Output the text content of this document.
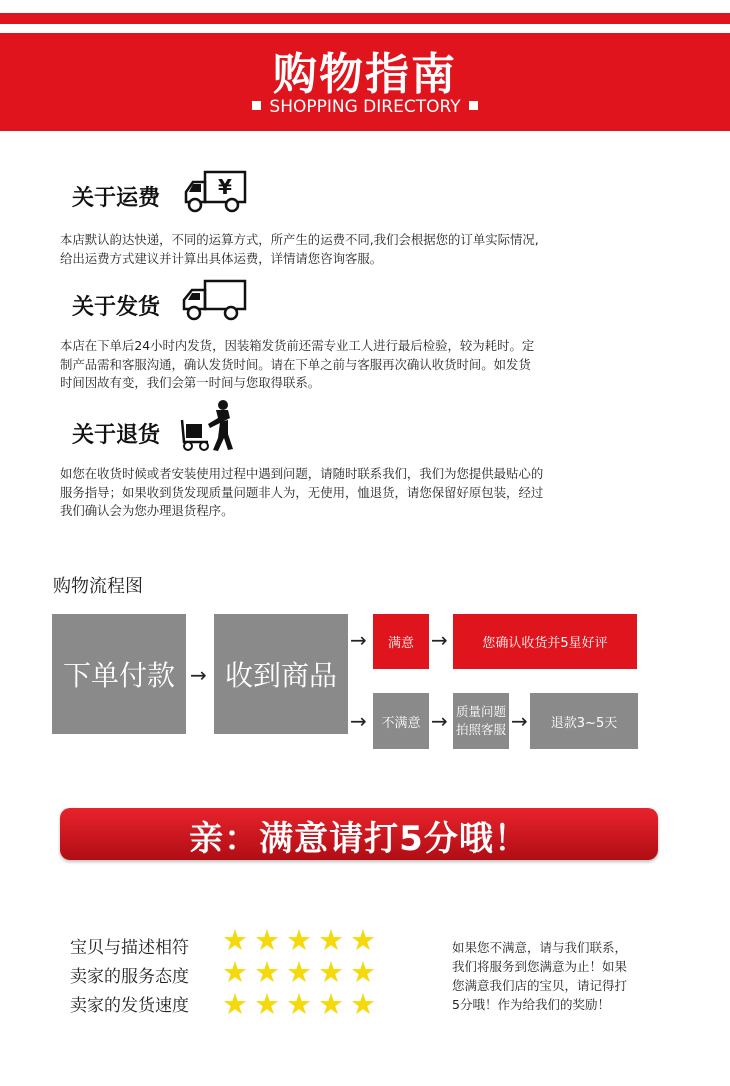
购物指南
SHOPPING DIRECTORY
关于运费	¥
本店默认韵达快递，不同的运算方式，所产生的运费不同,我们会根据您的订单实际情况,
给出运费方式建议并计算出具体运费，详情请您咨询客服。
关于发货
本店在下单后24小时内发货，因装箱发货前还需专业工人进行最后检验，较为耗时。定
制产品需和客服沟通，确认发货时间。请在下单之前与客服再次确认收货时间。如发货
时间因故有变，我们会第一时间与您取得联系。
关于退货
如您在收货时候或者安装使用过程中遇到问题，请随时联系我们，我们为您提供最贴心的
服务指导；如果收到货发现质量问题非人为，无使用，恤退货，请您保留好原包装，经过
我们确认会为您办理退货程序。
购物流程图
下单付款 → 收到商品
→	满意 →	您确认收货并5星好评
→	不满意 → 质量问题
拍照客服 →	退款3~5天
亲：满意请打5分哦！
宝贝与描述相符
卖家的服务态度
卖家的发货速度
★ ★ ★ ★ ★
★ ★ ★ ★ ★
★ ★ ★ ★ ★
如果您不满意，请与我们联系，
我们将服务到您满意为止！如果
您满意我们店的宝贝，请记得打
5分哦！作为给我们的奖励！
